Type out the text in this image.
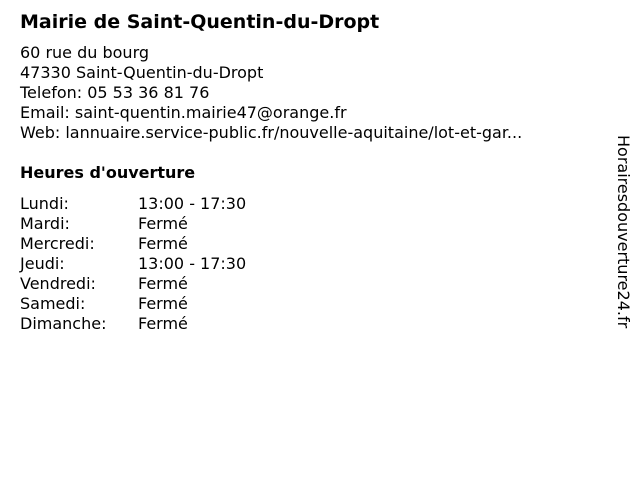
Mairie de Saint-Quentin-du-Dropt
60 rue du bourg
47330 Saint-Quentin-du-Dropt
Telefon: 05 53 36 81 76
Email: saint-quentin.mairie47@orange.fr
Web: lannuaire.service-public.fr/nouvelle-aquitaine/lot-et-gar...
Heures d'ouverture
Lundi:	13:00 - 17:30
Mardi:	Fermé
Mercredi:	Fermé
Jeudi:	13:00 - 17:30
Vendredi:	Fermé
Samedi:	Fermé
Dimanche: Fermé	Horairesdouverture24.fr
